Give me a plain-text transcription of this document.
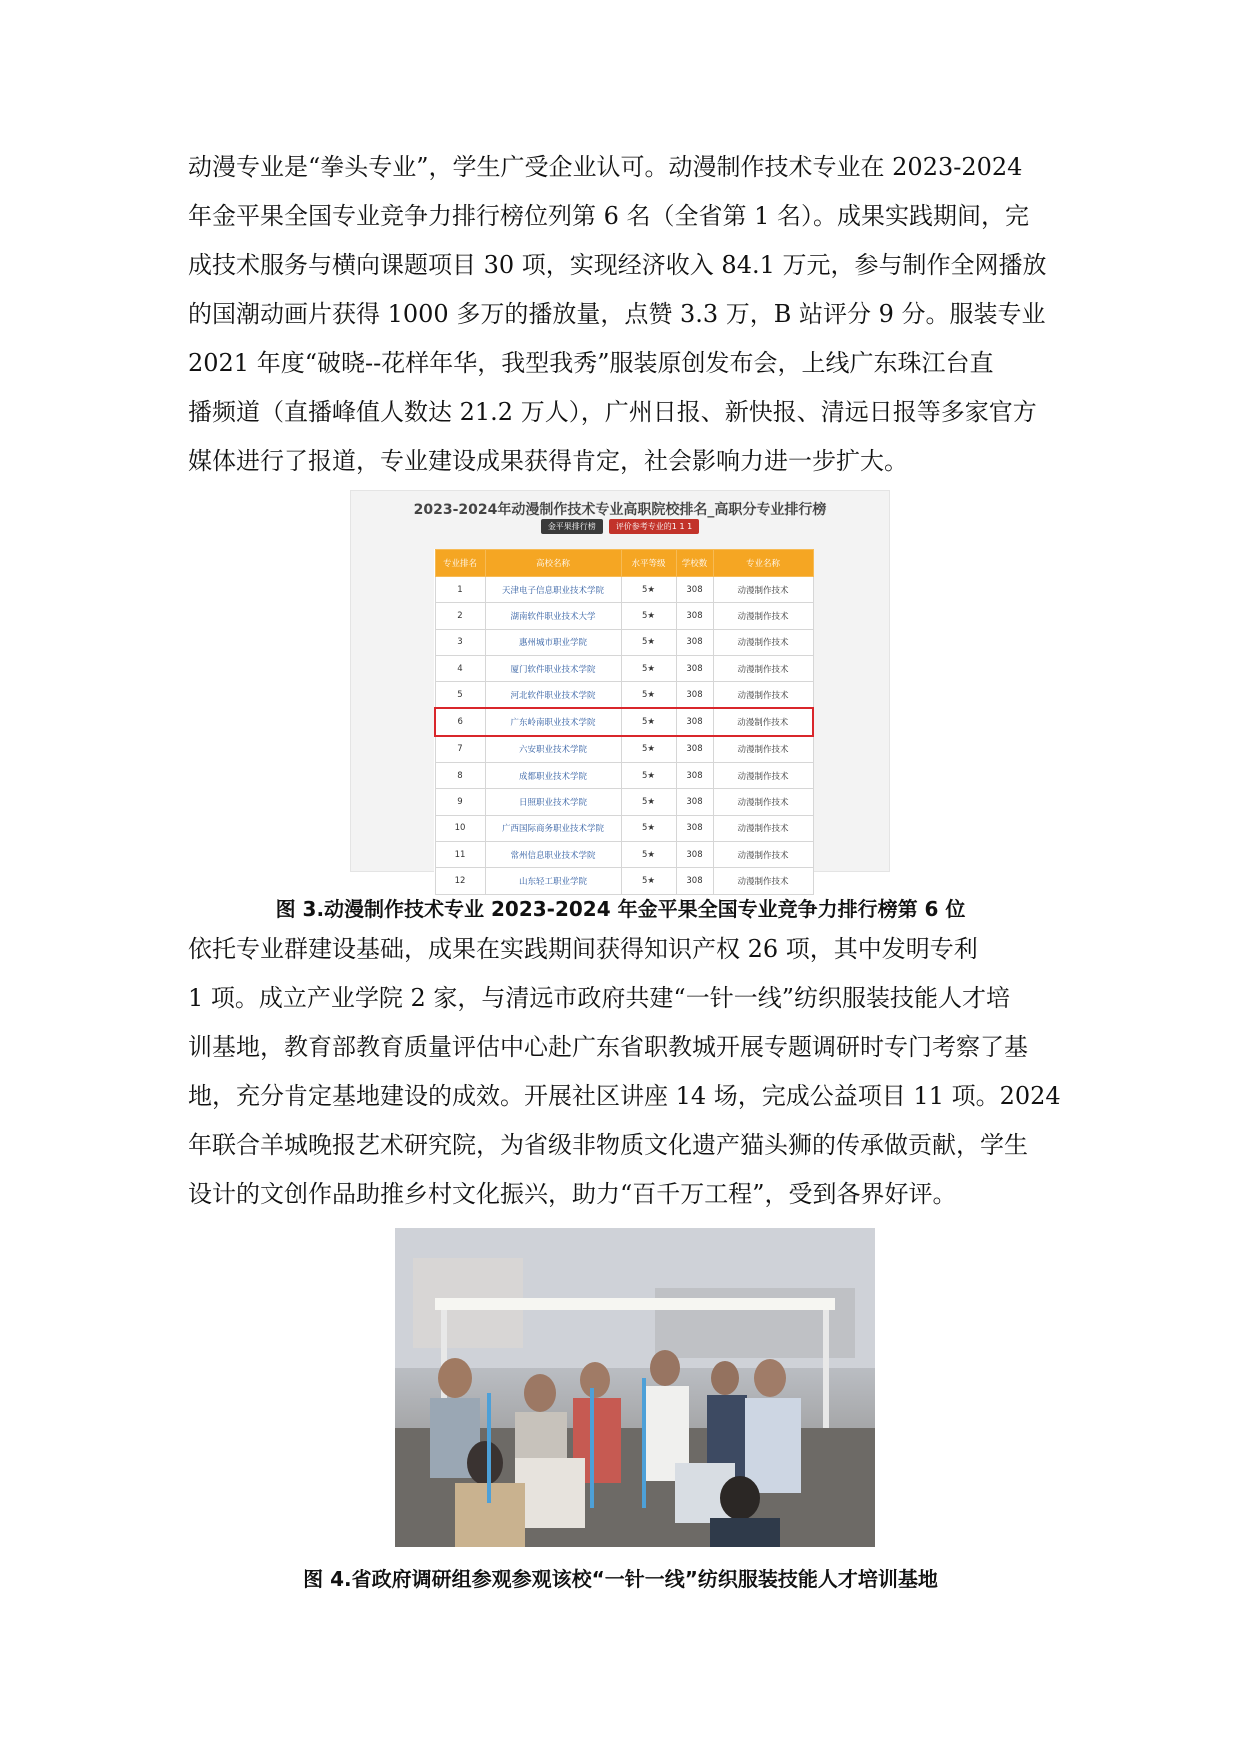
动漫专业是“拳头专业”，学生广受企业认可。动漫制作技术专业在 2023-2024
年金平果全国专业竞争力排行榜位列第 6 名（全省第 1 名）。成果实践期间，完
成技术服务与横向课题项目 30 项，实现经济收入 84.1 万元，参与制作全网播放
的国潮动画片获得 1000 多万的播放量，点赞 3.3 万，B 站评分 9 分。服装专业
2021 年度“破晓--花样年华，我型我秀”服装原创发布会，上线广东珠江台直
播频道（直播峰值人数达 21.2 万人），广州日报、新快报、清远日报等多家官方
媒体进行了报道，专业建设成果获得肯定，社会影响力进一步扩大。
2023-2024年动漫制作技术专业高职院校排名_高职分专业排行榜
金平果排行榜	评价参考专业的1 1 1
专业排名	高校名称	水平等级	学校数	专业名称
1	天津电子信息职业技术学院	5★	308	动漫制作技术
2	湖南软件职业技术大学	5★	308	动漫制作技术
3	惠州城市职业学院	5★	308	动漫制作技术
4	厦门软件职业技术学院	5★	308	动漫制作技术
5	河北软件职业技术学院	5★	308	动漫制作技术
6	广东岭南职业技术学院	5★	308	动漫制作技术
7	六安职业技术学院	5★	308	动漫制作技术
8	成都职业技术学院	5★	308	动漫制作技术
9	日照职业技术学院	5★	308	动漫制作技术
10	广西国际商务职业技术学院	5★	308	动漫制作技术
11	常州信息职业技术学院	5★	308	动漫制作技术
12	山东轻工职业学院	5★	308	动漫制作技术
图 3.动漫制作技术专业 2023-2024 年金平果全国专业竞争力排行榜第 6 位
依托专业群建设基础，成果在实践期间获得知识产权 26 项，其中发明专利
1 项。成立产业学院 2 家，与清远市政府共建“一针一线”纺织服装技能人才培
训基地，教育部教育质量评估中心赴广东省职教城开展专题调研时专门考察了基
地，充分肯定基地建设的成效。开展社区讲座 14 场，完成公益项目 11 项。2024
年联合羊城晚报艺术研究院，为省级非物质文化遗产猫头狮的传承做贡献，学生
设计的文创作品助推乡村文化振兴，助力“百千万工程”，受到各界好评。
图 4.省政府调研组参观参观该校“一针一线”纺织服装技能人才培训基地
